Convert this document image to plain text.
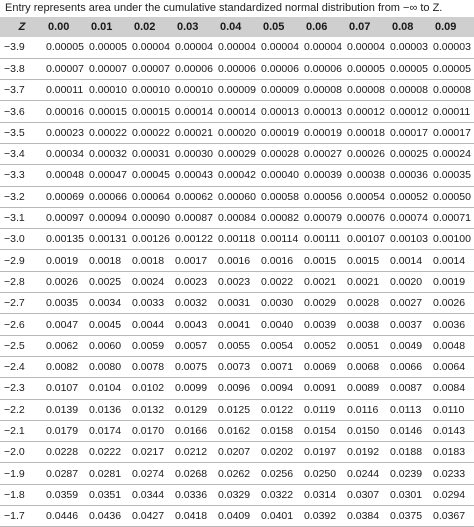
Entry represents area under the cumulative standardized normal distribution from −∞ to Z.
Z	0.00	0.01	0.02	0.03	0.04	0.05	0.06	0.07	0.08	0.09
−3.9	0.00005	0.00005	0.00004	0.00004	0.00004	0.00004	0.00004	0.00004	0.00003	0.00003
−3.8	0.00007	0.00007	0.00007	0.00006	0.00006	0.00006	0.00006	0.00005	0.00005	0.00005
−3.7	0.00011	0.00010	0.00010	0.00010	0.00009	0.00009	0.00008	0.00008	0.00008	0.00008
−3.6	0.00016	0.00015	0.00015	0.00014	0.00014	0.00013	0.00013	0.00012	0.00012	0.00011
−3.5	0.00023	0.00022	0.00022	0.00021	0.00020	0.00019	0.00019	0.00018	0.00017	0.00017
−3.4	0.00034	0.00032	0.00031	0.00030	0.00029	0.00028	0.00027	0.00026	0.00025	0.00024
−3.3	0.00048	0.00047	0.00045	0.00043	0.00042	0.00040	0.00039	0.00038	0.00036	0.00035
−3.2	0.00069	0.00066	0.00064	0.00062	0.00060	0.00058	0.00056	0.00054	0.00052	0.00050
−3.1	0.00097	0.00094	0.00090	0.00087	0.00084	0.00082	0.00079	0.00076	0.00074	0.00071
−3.0	0.00135	0.00131	0.00126	0.00122	0.00118	0.00114	0.00111	0.00107	0.00103	0.00100
−2.9	0.0019	0.0018	0.0018	0.0017	0.0016	0.0016	0.0015	0.0015	0.0014	0.0014
−2.8	0.0026	0.0025	0.0024	0.0023	0.0023	0.0022	0.0021	0.0021	0.0020	0.0019
−2.7	0.0035	0.0034	0.0033	0.0032	0.0031	0.0030	0.0029	0.0028	0.0027	0.0026
−2.6	0.0047	0.0045	0.0044	0.0043	0.0041	0.0040	0.0039	0.0038	0.0037	0.0036
−2.5	0.0062	0.0060	0.0059	0.0057	0.0055	0.0054	0.0052	0.0051	0.0049	0.0048
−2.4	0.0082	0.0080	0.0078	0.0075	0.0073	0.0071	0.0069	0.0068	0.0066	0.0064
−2.3	0.0107	0.0104	0.0102	0.0099	0.0096	0.0094	0.0091	0.0089	0.0087	0.0084
−2.2	0.0139	0.0136	0.0132	0.0129	0.0125	0.0122	0.0119	0.0116	0.0113	0.0110
−2.1	0.0179	0.0174	0.0170	0.0166	0.0162	0.0158	0.0154	0.0150	0.0146	0.0143
−2.0	0.0228	0.0222	0.0217	0.0212	0.0207	0.0202	0.0197	0.0192	0.0188	0.0183
−1.9	0.0287	0.0281	0.0274	0.0268	0.0262	0.0256	0.0250	0.0244	0.0239	0.0233
−1.8	0.0359	0.0351	0.0344	0.0336	0.0329	0.0322	0.0314	0.0307	0.0301	0.0294
−1.7	0.0446	0.0436	0.0427	0.0418	0.0409	0.0401	0.0392	0.0384	0.0375	0.0367
